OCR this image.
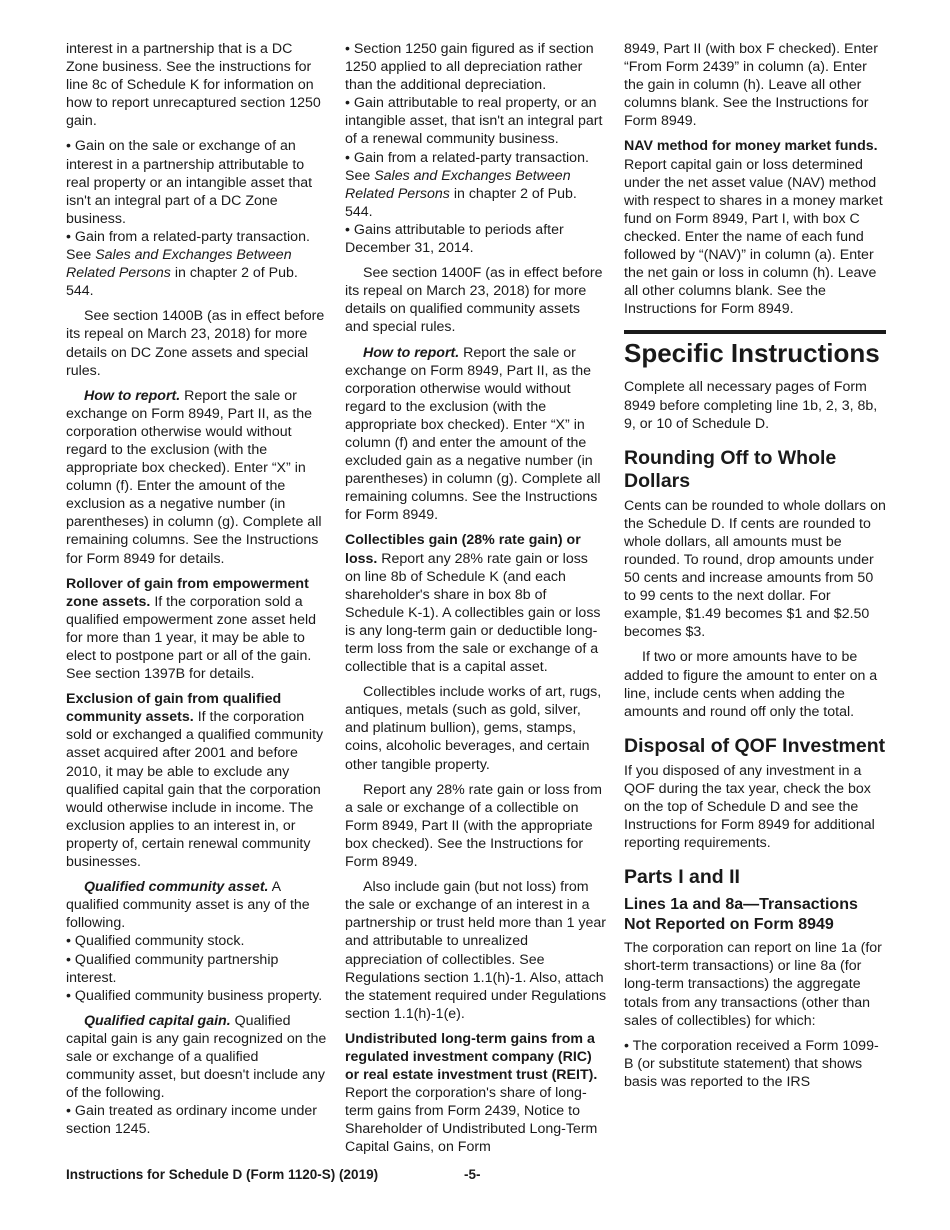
interest in a partnership that is a DC Zone business. See the instructions for line 8c of Schedule K for information on how to report unrecaptured section 1250 gain.

• Gain on the sale or exchange of an interest in a partnership attributable to real property or an intangible asset that isn't an integral part of a DC Zone business.

• Gain from a related-party transaction. See Sales and Exchanges Between Related Persons in chapter 2 of Pub. 544.

See section 1400B (as in effect before its repeal on March 23, 2018) for more details on DC Zone assets and special rules.

How to report. Report the sale or exchange on Form 8949, Part II, as the corporation otherwise would without regard to the exclusion (with the appropriate box checked). Enter “X” in column (f). Enter the amount of the exclusion as a negative number (in parentheses) in column (g). Complete all remaining columns. See the Instructions for Form 8949 for details.

Rollover of gain from empowerment zone assets. If the corporation sold a qualified empowerment zone asset held for more than 1 year, it may be able to elect to postpone part or all of the gain. See section 1397B for details.

Exclusion of gain from qualified community assets. If the corporation sold or exchanged a qualified community asset acquired after 2001 and before 2010, it may be able to exclude any qualified capital gain that the corporation would otherwise include in income. The exclusion applies to an interest in, or property of, certain renewal community businesses.

Qualified community asset. A qualified community asset is any of the following.

• Qualified community stock.

• Qualified community partnership interest.

• Qualified community business property.

Qualified capital gain. Qualified capital gain is any gain recognized on the sale or exchange of a qualified community asset, but doesn't include any of the following.

• Gain treated as ordinary income under section 1245.

• Section 1250 gain figured as if section 1250 applied to all depreciation rather than the additional depreciation.

• Gain attributable to real property, or an intangible asset, that isn't an integral part of a renewal community business.

• Gain from a related-party transaction. See Sales and Exchanges Between Related Persons in chapter 2 of Pub. 544.

• Gains attributable to periods after December 31, 2014.

See section 1400F (as in effect before its repeal on March 23, 2018) for more details on qualified community assets and special rules.

How to report. Report the sale or exchange on Form 8949, Part II, as the corporation otherwise would without regard to the exclusion (with the appropriate box checked). Enter “X” in column (f) and enter the amount of the excluded gain as a negative number (in parentheses) in column (g). Complete all remaining columns. See the Instructions for Form 8949.

Collectibles gain (28% rate gain) or loss. Report any 28% rate gain or loss on line 8b of Schedule K (and each shareholder's share in box 8b of Schedule K-1). A collectibles gain or loss is any long-term gain or deductible long-term loss from the sale or exchange of a collectible that is a capital asset.

Collectibles include works of art, rugs, antiques, metals (such as gold, silver, and platinum bullion), gems, stamps, coins, alcoholic beverages, and certain other tangible property.

Report any 28% rate gain or loss from a sale or exchange of a collectible on Form 8949, Part II (with the appropriate box checked). See the Instructions for Form 8949.

Also include gain (but not loss) from the sale or exchange of an interest in a partnership or trust held more than 1 year and attributable to unrealized appreciation of collectibles. See Regulations section 1.1(h)-1. Also, attach the statement required under Regulations section 1.1(h)-1(e).

Undistributed long-term gains from a regulated investment company (RIC) or real estate investment trust (REIT). Report the corporation's share of long-term gains from Form 2439, Notice to Shareholder of Undistributed Long-Term Capital Gains, on Form

8949, Part II (with box F checked). Enter “From Form 2439” in column (a). Enter the gain in column (h). Leave all other columns blank. See the Instructions for Form 8949.

NAV method for money market funds. Report capital gain or loss determined under the net asset value (NAV) method with respect to shares in a money market fund on Form 8949, Part I, with box C checked. Enter the name of each fund followed by “(NAV)” in column (a). Enter the net gain or loss in column (h). Leave all other columns blank. See the Instructions for Form 8949.

Specific Instructions

Complete all necessary pages of Form 8949 before completing line 1b, 2, 3, 8b, 9, or 10 of Schedule D.

Rounding Off to Whole Dollars

Cents can be rounded to whole dollars on the Schedule D. If cents are rounded to whole dollars, all amounts must be rounded. To round, drop amounts under 50 cents and increase amounts from 50 to 99 cents to the next dollar. For example, $1.49 becomes $1 and $2.50 becomes $3.

If two or more amounts have to be added to figure the amount to enter on a line, include cents when adding the amounts and round off only the total.

Disposal of QOF Investment

If you disposed of any investment in a QOF during the tax year, check the box on the top of Schedule D and see the Instructions for Form 8949 for additional reporting requirements.

Parts I and II
Lines 1a and 8a—Transactions Not Reported on Form 8949

The corporation can report on line 1a (for short-term transactions) or line 8a (for long-term transactions) the aggregate totals from any transactions (other than sales of collectibles) for which:

• The corporation received a Form 1099-B (or substitute statement) that shows basis was reported to the IRS

Instructions for Schedule D (Form 1120-S) (2019)	-5-
